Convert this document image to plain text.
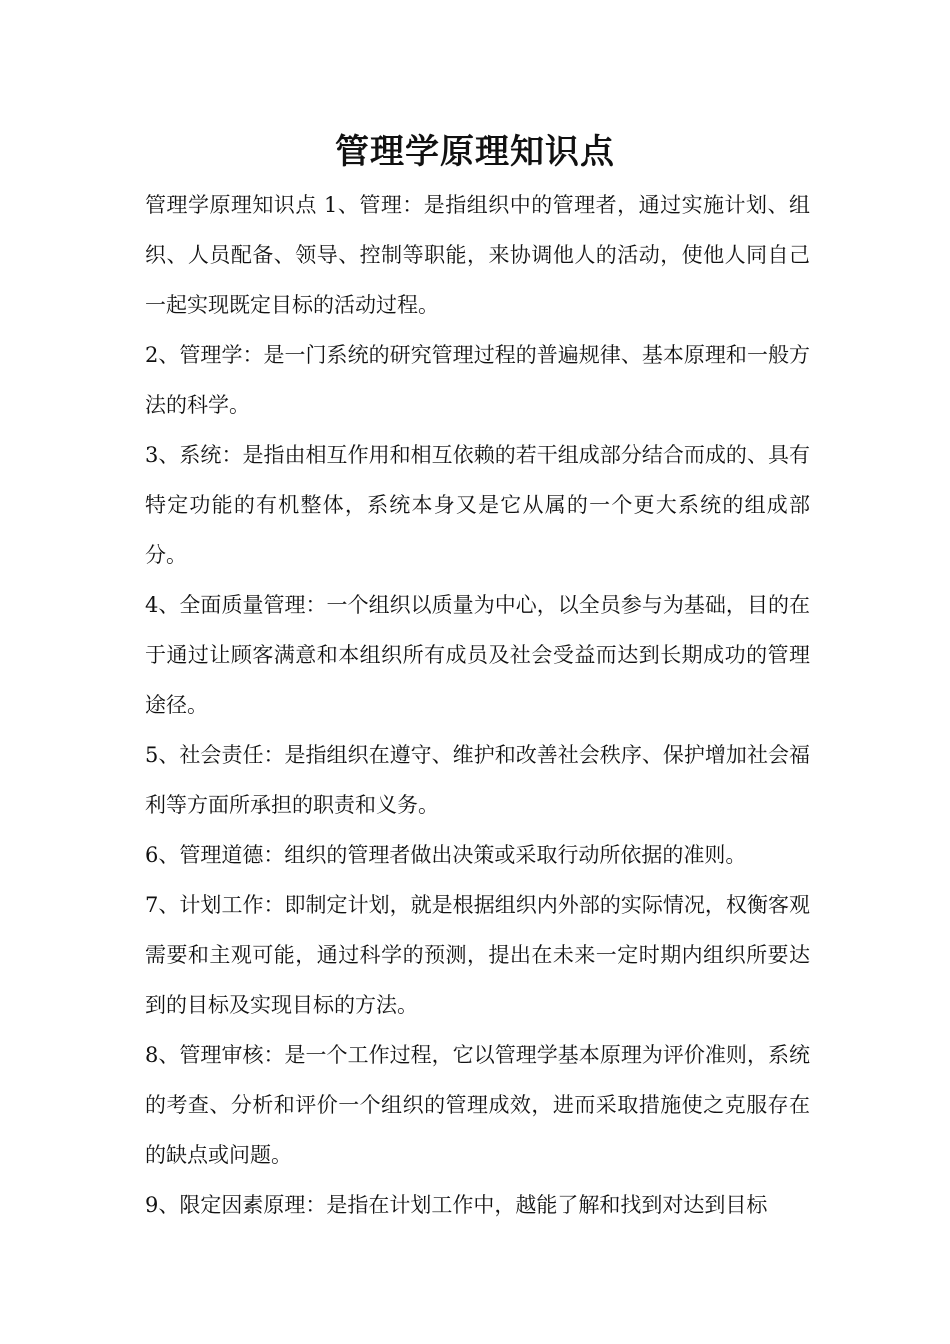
管理学原理知识点

管理学原理知识点 1、管理：是指组织中的管理者，通过实施计划、组织、人员配备、领导、控制等职能，来协调他人的活动，使他人同自己一起实现既定目标的活动过程。

2、管理学：是一门系统的研究管理过程的普遍规律、基本原理和一般方法的科学。

3、系统：是指由相互作用和相互依赖的若干组成部分结合而成的、具有特定功能的有机整体，系统本身又是它从属的一个更大系统的组成部分。

4、全面质量管理：一个组织以质量为中心，以全员参与为基础，目的在于通过让顾客满意和本组织所有成员及社会受益而达到长期成功的管理途径。

5、社会责任：是指组织在遵守、维护和改善社会秩序、保护增加社会福利等方面所承担的职责和义务。

6、管理道德：组织的管理者做出决策或采取行动所依据的准则。

7、计划工作：即制定计划，就是根据组织内外部的实际情况，权衡客观需要和主观可能，通过科学的预测，提出在未来一定时期内组织所要达到的目标及实现目标的方法。

8、管理审核：是一个工作过程，它以管理学基本原理为评价准则，系统的考查、分析和评价一个组织的管理成效，进而采取措施使之克服存在的缺点或问题。

9、限定因素原理：是指在计划工作中，越能了解和找到对达到目标
